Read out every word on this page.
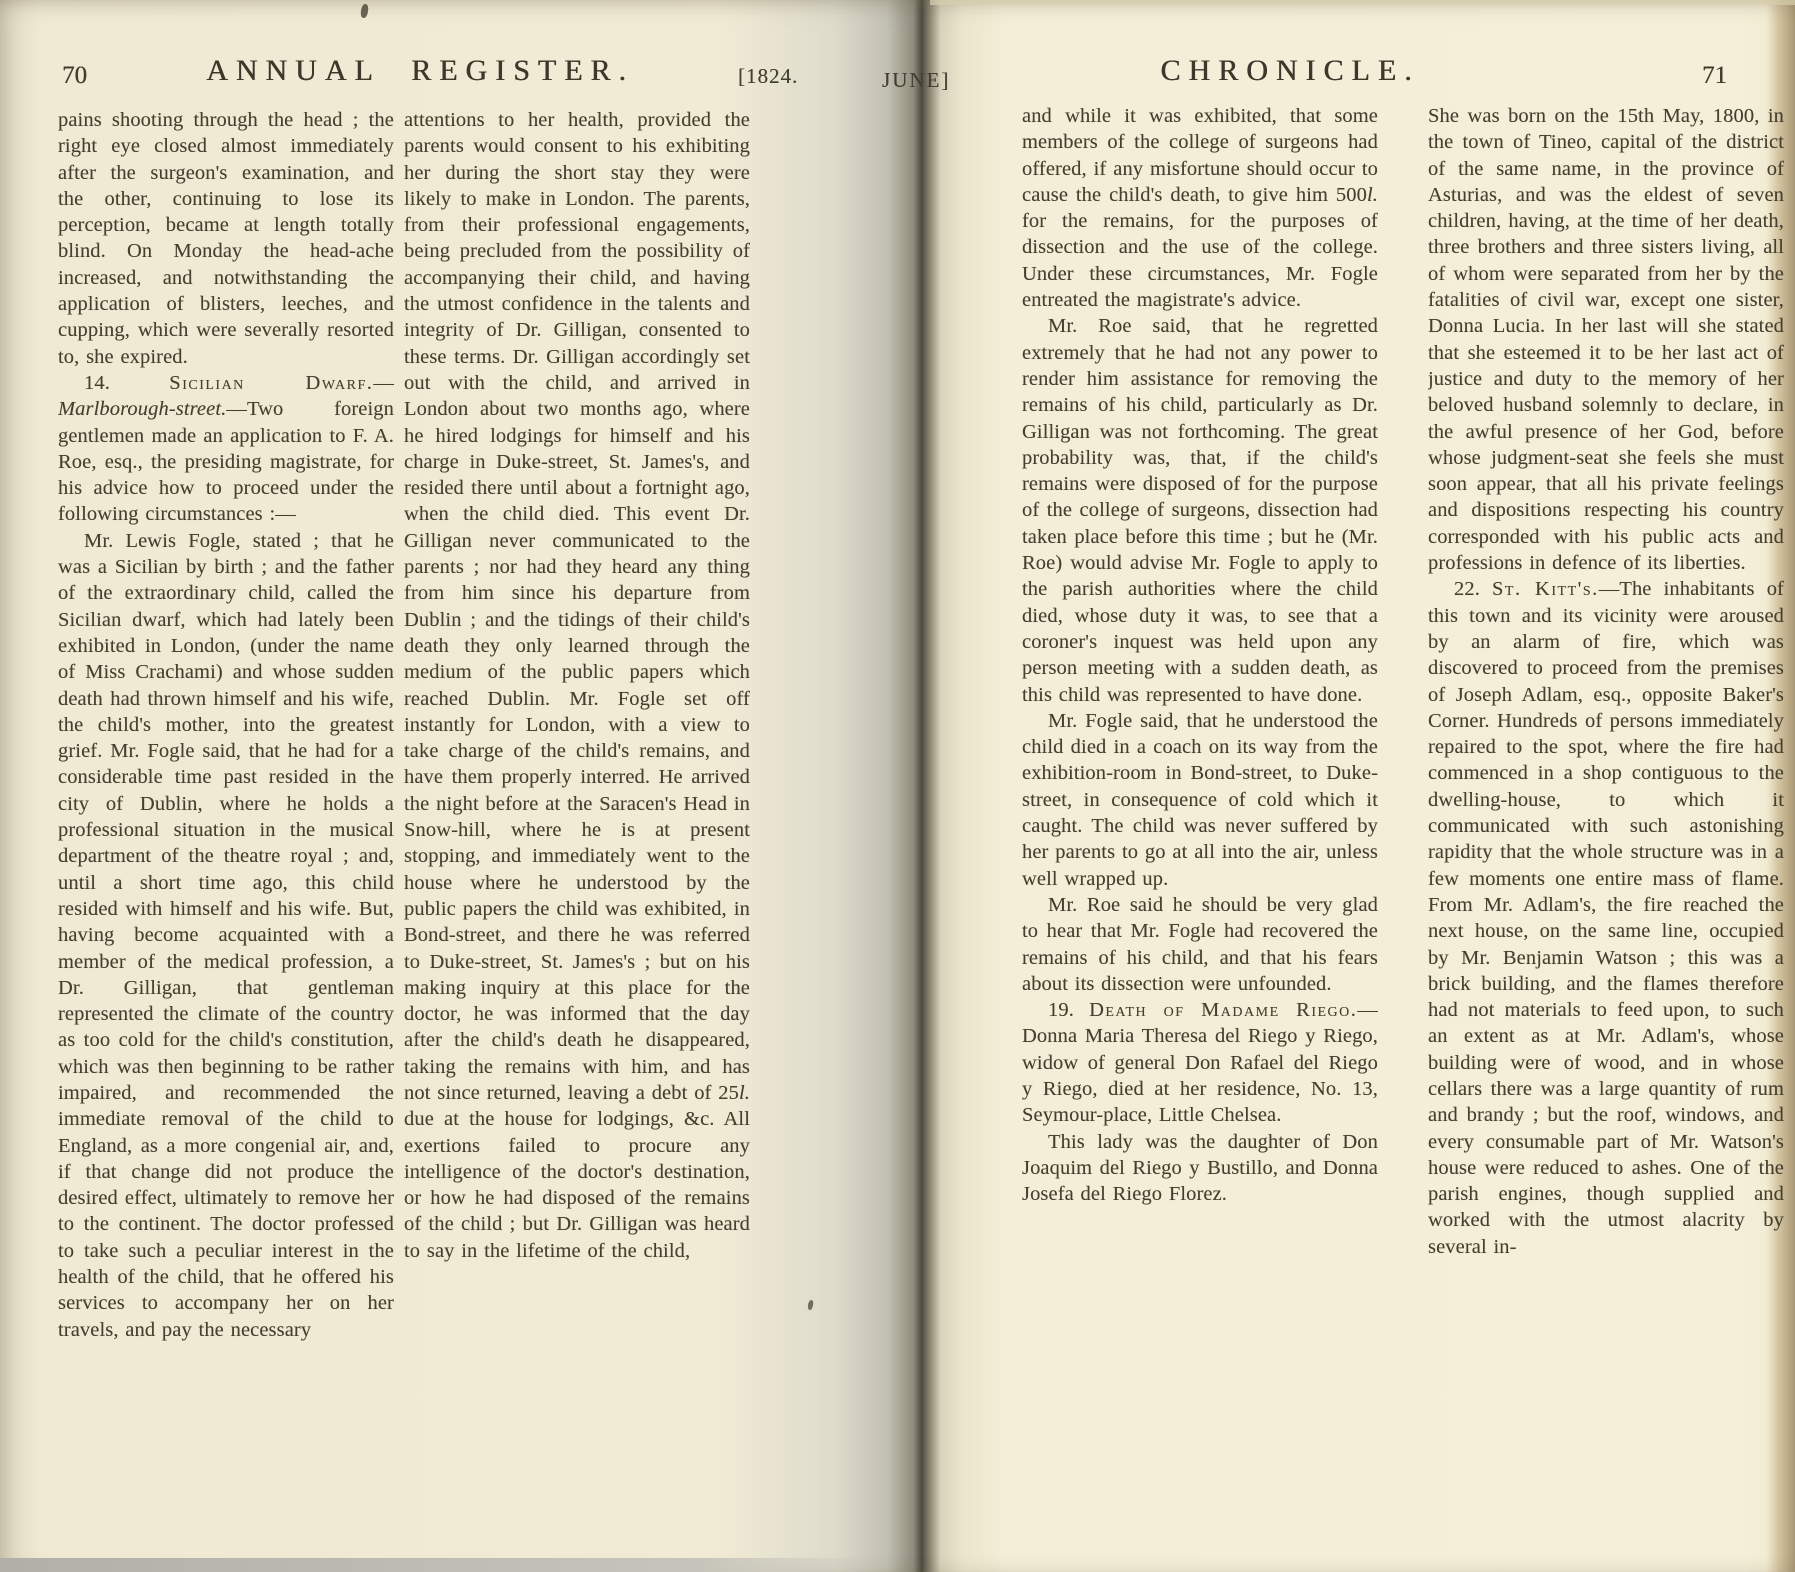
70	ANNUAL REGISTER.	[1824.
pains shooting through the head ; the right eye closed almost immediately after the surgeon's examination, and the other, continuing to lose its perception, became at length totally blind. On Monday the head-ache increased, and notwithstanding the application of blisters, leeches, and cupping, which were severally resorted to, she expired.
14. Sicilian Dwarf.—Marlborough-street.—Two foreign gentlemen made an application to F. A. Roe, esq., the presiding magistrate, for his advice how to proceed under the following circumstances :—
Mr. Lewis Fogle, stated ; that he was a Sicilian by birth ; and the father of the extraordinary child, called the Sicilian dwarf, which had lately been exhibited in London, (under the name of Miss Crachami) and whose sudden death had thrown himself and his wife, the child's mother, into the greatest grief. Mr. Fogle said, that he had for a considerable time past resided in the city of Dublin, where he holds a professional situation in the musical department of the theatre royal ; and, until a short time ago, this child resided with himself and his wife. But, having become acquainted with a member of the medical profession, a Dr. Gilligan, that gentleman represented the climate of the country as too cold for the child's constitution, which was then beginning to be rather impaired, and recommended the immediate removal of the child to England, as a more congenial air, and, if that change did not produce the desired effect, ultimately to remove her to the continent. The doctor professed to take such a peculiar interest in the health of the child, that he offered his services to accompany her on her travels, and pay the necessary
attentions to her health, provided the parents would consent to his exhibiting her during the short stay they were likely to make in London. The parents, from their professional engagements, being precluded from the possibility of accompanying their child, and having the utmost confidence in the talents and integrity of Dr. Gilligan, consented to these terms. Dr. Gilligan accordingly set out with the child, and arrived in London about two months ago, where he hired lodgings for himself and his charge in Duke-street, St. James's, and resided there until about a fortnight ago, when the child died. This event Dr. Gilligan never communicated to the parents ; nor had they heard any thing from him since his departure from Dublin ; and the tidings of their child's death they only learned through the medium of the public papers which reached Dublin. Mr. Fogle set off instantly for London, with a view to take charge of the child's remains, and have them properly interred. He arrived the night before at the Saracen's Head in Snow-hill, where he is at present stopping, and immediately went to the house where he understood by the public papers the child was exhibited, in Bond-street, and there he was referred to Duke-street, St. James's ; but on his making inquiry at this place for the doctor, he was informed that the day after the child's death he disappeared, taking the remains with him, and has not since returned, leaving a debt of 25l. due at the house for lodgings, &c. All exertions failed to procure any intelligence of the doctor's destination, or how he had disposed of the remains of the child ; but Dr. Gilligan was heard to say in the lifetime of the child,
JUNE]	CHRONICLE.	71
and while it was exhibited, that some members of the college of surgeons had offered, if any misfortune should occur to cause the child's death, to give him 500l. for the remains, for the purposes of dissection and the use of the college. Under these circumstances, Mr. Fogle entreated the magistrate's advice.
Mr. Roe said, that he regretted extremely that he had not any power to render him assistance for removing the remains of his child, particularly as Dr. Gilligan was not forthcoming. The great probability was, that, if the child's remains were disposed of for the purpose of the college of surgeons, dissection had taken place before this time ; but he (Mr. Roe) would advise Mr. Fogle to apply to the parish authorities where the child died, whose duty it was, to see that a coroner's inquest was held upon any person meeting with a sudden death, as this child was represented to have done.
Mr. Fogle said, that he understood the child died in a coach on its way from the exhibition-room in Bond-street, to Duke-street, in consequence of cold which it caught. The child was never suffered by her parents to go at all into the air, unless well wrapped up.
Mr. Roe said he should be very glad to hear that Mr. Fogle had recovered the remains of his child, and that his fears about its dissection were unfounded.
19. Death of Madame Riego.—Donna Maria Theresa del Riego y Riego, widow of general Don Rafael del Riego y Riego, died at her residence, No. 13, Seymour-place, Little Chelsea.
This lady was the daughter of Don Joaquim del Riego y Bustillo, and Donna Josefa del Riego Florez.
She was born on the 15th May, 1800, in the town of Tineo, capital of the district of the same name, in the province of Asturias, and was the eldest of seven children, having, at the time of her death, three brothers and three sisters living, all of whom were separated from her by the fatalities of civil war, except one sister, Donna Lucia. In her last will she stated that she esteemed it to be her last act of justice and duty to the memory of her beloved husband solemnly to declare, in the awful presence of her God, before whose judgment-seat she feels she must soon appear, that all his private feelings and dispositions respecting his country corresponded with his public acts and professions in defence of its liberties.
22. St. Kitt's.—The inhabitants of this town and its vicinity were aroused by an alarm of fire, which was discovered to proceed from the premises of Joseph Adlam, esq., opposite Baker's Corner. Hundreds of persons immediately repaired to the spot, where the fire had commenced in a shop contiguous to the dwelling-house, to which it communicated with such astonishing rapidity that the whole structure was in a few moments one entire mass of flame. From Mr. Adlam's, the fire reached the next house, on the same line, occupied by Mr. Benjamin Watson ; this was a brick building, and the flames therefore had not materials to feed upon, to such an extent as at Mr. Adlam's, whose building were of wood, and in whose cellars there was a large quantity of rum and brandy ; but the roof, windows, and every consumable part of Mr. Watson's house were reduced to ashes. One of the parish engines, though supplied and worked with the utmost alacrity by several in-
